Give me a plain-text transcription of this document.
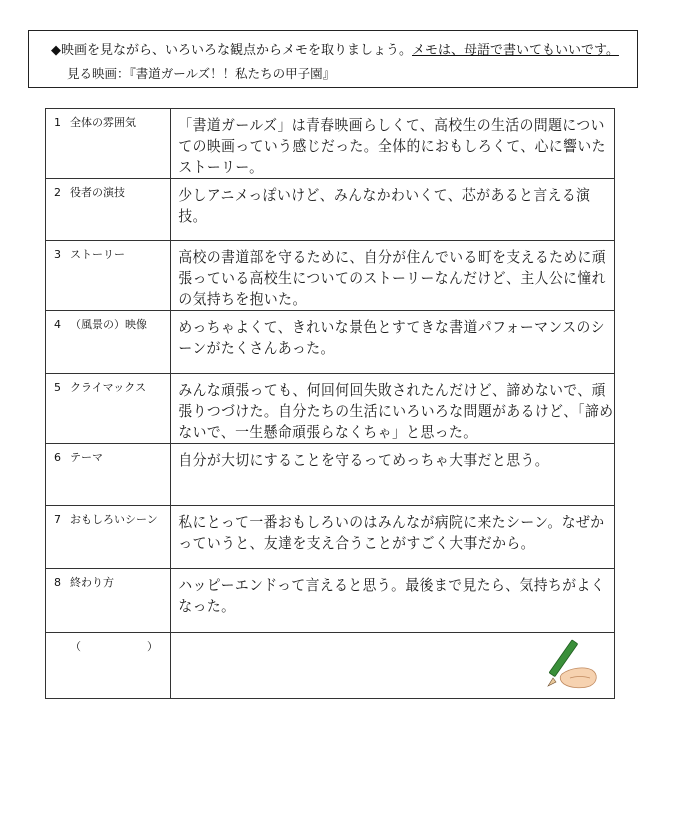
◆映画を見ながら、いろいろな観点からメモを取りましょう。メモは、母語で書いてもいいです。
見る映画：『書道ガールズ！！私たちの甲子園』
1 全体の雰囲気	「書道ガールズ」は青春映画らしくて、高校生の生活の問題についての映画っていう感じだった。全体的におもしろくて、心に響いたストーリー。

2 役者の演技	少しアニメっぽいけど、みんなかわいくて、芯があると言える演技。

3 ストーリー	高校の書道部を守るために、自分が住んでいる町を支えるために頑張っている高校生についてのストーリーなんだけど、主人公に憧れの気持ちを抱いた。

4 （風景の）映像	めっちゃよくて、きれいな景色とすてきな書道パフォーマンスのシーンがたくさんあった。

5 クライマックス	みんな頑張っても、何回何回失敗されたんだけど、諦めないで、頑張りつづけた。自分たちの生活にいろいろな問題があるけど、「諦めないで、一生懸命頑張らなくちゃ」と思った。

6 テーマ	自分が大切にすることを守るってめっちゃ大事だと思う。

7 おもしろいシーン	私にとって一番おもしろいのはみんなが病院に来たシーン。なぜかっていうと、友達を支え合うことがすごく大事だから。

8 終わり方	ハッピーエンドって言えると思う。最後まで見たら、気持ちがよくなった。

（　　　　　　）
